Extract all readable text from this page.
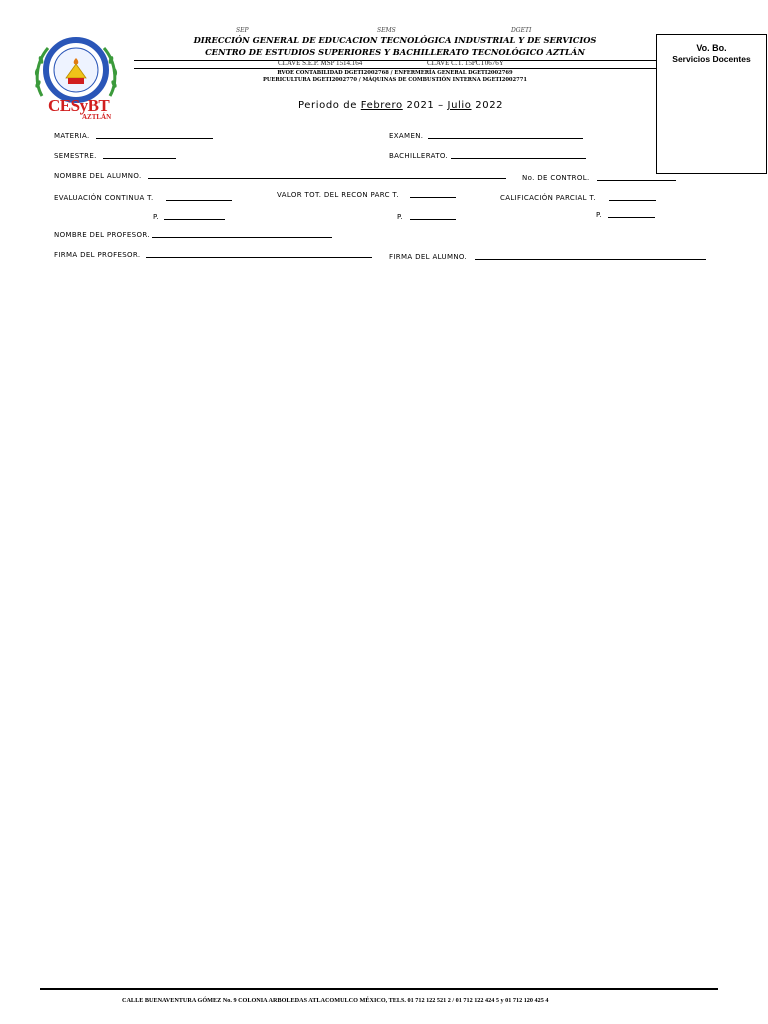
CESyBT
AZTLÁN
SEP	SEMS	DGETI
DIRECCIÓN GENERAL DE EDUCACION TECNOLÓGICA INDUSTRIAL Y DE SERVICIOS
CENTRO DE ESTUDIOS SUPERIORES Y BACHILLERATO TECNOLÓGICO AZTLÁN
CLAVE S.E.P. MSP 1514.164	CLAVE C.T. 15PCT0676Y
RVOE CONTABILIDAD DGETI2002768 / ENFERMERÍA GENERAL DGETI2002769
PUERICULTURA DGETI2002770 / MÁQUINAS DE COMBUSTIÓN INTERNA DGETI2002771
Vo. Bo.
Servicios Docentes
Periodo de Febrero 2021 – Julio 2022
MATERIA.	EXAMEN.
SEMESTRE.	BACHILLERATO.
NOMBRE DEL ALUMNO.	No. DE CONTROL.
EVALUACIÓN CONTINUA T.	VALOR TOT. DEL RECON PARC T.	CALIFICACIÓN PARCIAL T.
P.	P.	P.
NOMBRE DEL PROFESOR.
FIRMA DEL PROFESOR.	FIRMA DEL ALUMNO.
CALLE BUENAVENTURA GÓMEZ No. 9 COLONIA ARBOLEDAS ATLACOMULCO MÉXICO, TELS. 01 712 122 521 2 / 01 712 122 424 5 y 01 712 120 425 4
